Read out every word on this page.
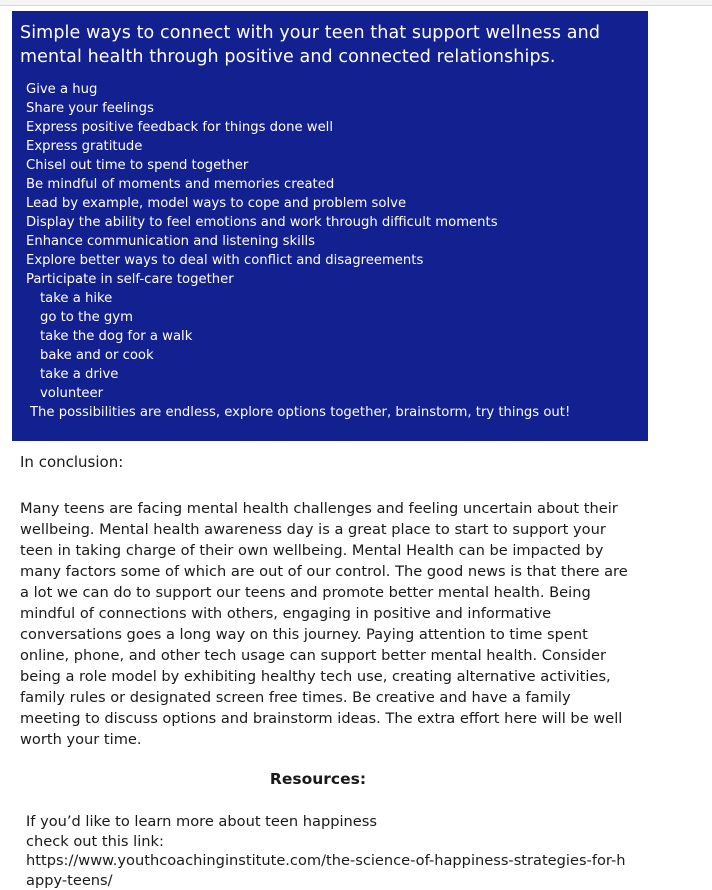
Simple ways to connect with your teen that support wellness and mental health through positive and connected relationships.
Give a hug
Share your feelings
Express positive feedback for things done well
Express gratitude
Chisel out time to spend together
Be mindful of moments and memories created
Lead by example, model ways to cope and problem solve
Display the ability to feel emotions and work through difficult moments
Enhance communication and listening skills
Explore better ways to deal with conflict and disagreements
Participate in self-care together
take a hike
go to the gym
take the dog for a walk
bake and or cook
take a drive
volunteer
The possibilities are endless, explore options together, brainstorm, try things out!
In conclusion:
Many teens are facing mental health challenges and feeling uncertain about their wellbeing. Mental health awareness day is a great place to start to support your teen in taking charge of their own wellbeing. Mental Health can be impacted by many factors some of which are out of our control. The good news is that there are a lot we can do to support our teens and promote better mental health. Being mindful of connections with others, engaging in positive and informative conversations goes a long way on this journey. Paying attention to time spent online, phone, and other tech usage can support better mental health. Consider being a role model by exhibiting healthy tech use, creating alternative activities, family rules or designated screen free times. Be creative and have a family meeting to discuss options and brainstorm ideas. The extra effort here will be well worth your time.
Resources:
If you’d like to learn more about teen happiness
check out this link:
https://www.youthcoachinginstitute.com/the-science-of-happiness-strategies-for-happy-teens/
